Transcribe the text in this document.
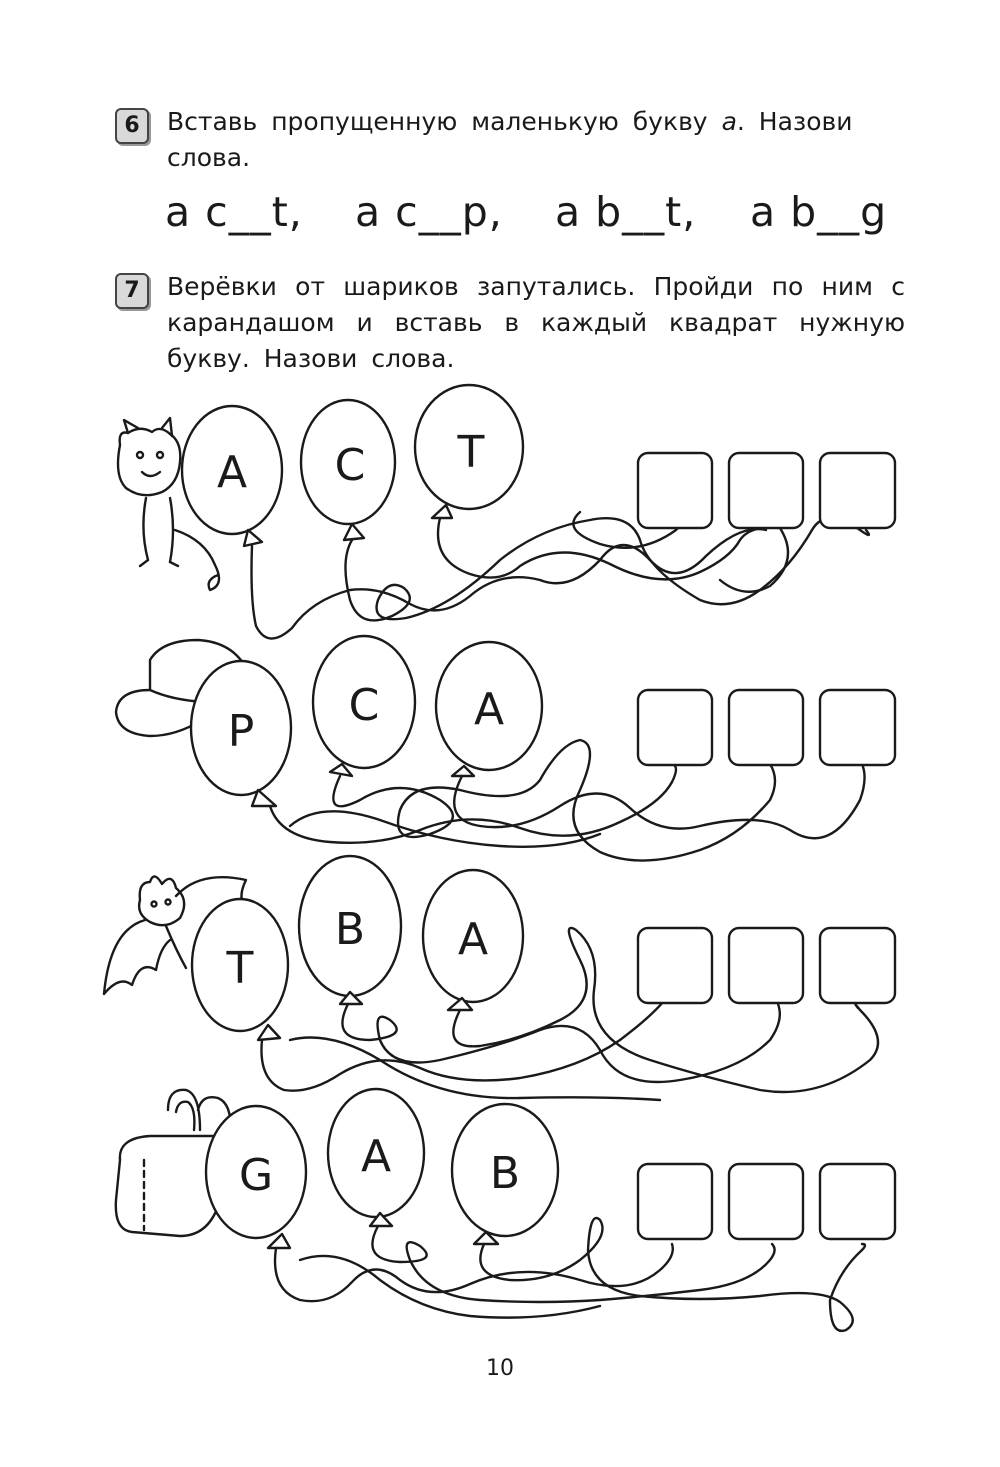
6	Вставь пропущенную маленькую букву а. Назови
слова.
a c__t, a c__p, a b__t, a b__g
7	Верёвки от шариков запутались. Пройди по ним с карандашом и вставь в каждый квадрат нужную букву. Назови слова.
A C T
P
C A
T
B A
G A B
10
